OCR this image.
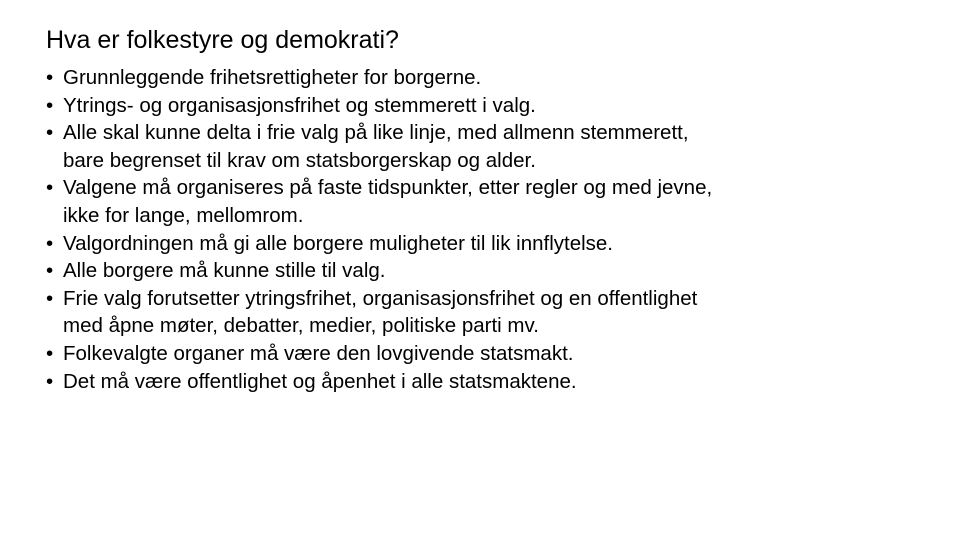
Hva er folkestyre og demokrati?
• Grunnleggende frihetsrettigheter for borgerne.
• Ytrings- og organisasjonsfrihet og stemmerett i valg.
• Alle skal kunne delta i frie valg på like linje, med allmenn stemmerett,
bare begrenset til krav om statsborgerskap og alder.
• Valgene må organiseres på faste tidspunkter, etter regler og med jevne,
ikke for lange, mellomrom.
• Valgordningen må gi alle borgere muligheter til lik innflytelse.
• Alle borgere må kunne stille til valg.
• Frie valg forutsetter ytringsfrihet, organisasjonsfrihet og en offentlighet
med åpne møter, debatter, medier, politiske parti mv.
• Folkevalgte organer må være den lovgivende statsmakt.
• Det må være offentlighet og åpenhet i alle statsmaktene.
